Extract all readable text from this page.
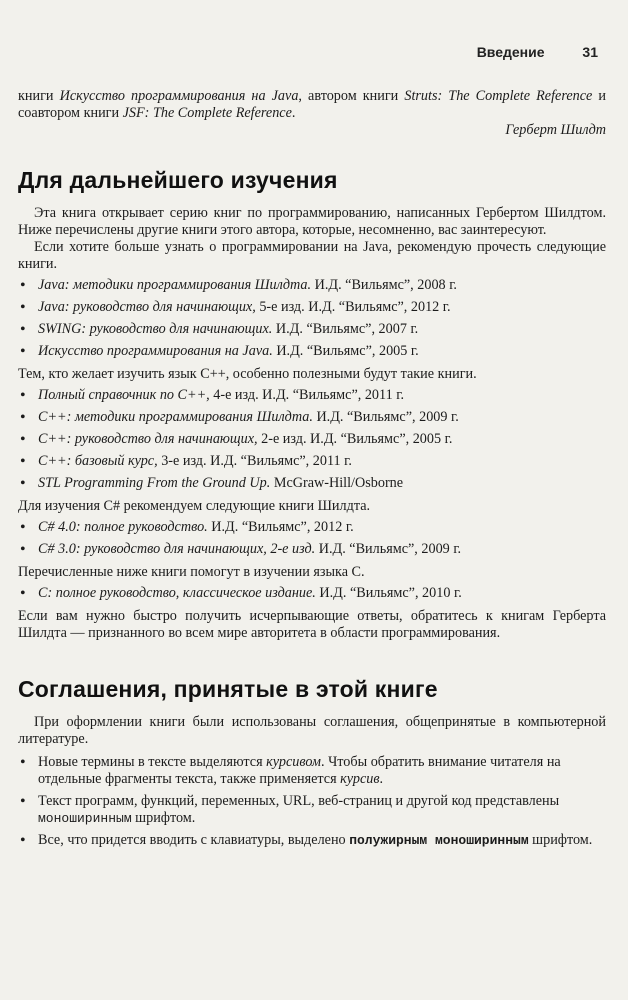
Введение	31

книги Искусство программирования на Java, автором книги Struts: The Complete Reference и соавтором книги JSF: The Complete Reference.

Герберт Шилдт

Для дальнейшего изучения

Эта книга открывает серию книг по программированию, написанных Гербертом Шилдтом. Ниже перечислены другие книги этого автора, которые, несомненно, вас заинтересуют.

Если хотите больше узнать о программировании на Java, рекомендую прочесть следующие книги.

• Java: методики программирования Шилдта. И.Д. “Вильямс”, 2008 г.
• Java: руководство для начинающих, 5-е изд. И.Д. “Вильямс”, 2012 г.
• SWING: руководство для начинающих. И.Д. “Вильямс”, 2007 г.
• Искусство программирования на Java. И.Д. “Вильямс”, 2005 г.

Тем, кто желает изучить язык C++, особенно полезными будут такие книги.

• Полный справочник по C++, 4-е изд. И.Д. “Вильямс”, 2011 г.
• C++: методики программирования Шилдта. И.Д. “Вильямс”, 2009 г.
• C++: руководство для начинающих, 2-е изд. И.Д. “Вильямс”, 2005 г.
• C++: базовый курс, 3-е изд. И.Д. “Вильямс”, 2011 г.
• STL Programming From the Ground Up. McGraw-Hill/Osborne

Для изучения C# рекомендуем следующие книги Шилдта.

• C# 4.0: полное руководство. И.Д. “Вильямс”, 2012 г.
• C# 3.0: руководство для начинающих, 2-е изд. И.Д. “Вильямс”, 2009 г.

Перечисленные ниже книги помогут в изучении языка C.

• C: полное руководство, классическое издание. И.Д. “Вильямс”, 2010 г.

Если вам нужно быстро получить исчерпывающие ответы, обратитесь к книгам Герберта Шилдта — признанного во всем мире авторитета в области программирования.

Соглашения, принятые в этой книге

При оформлении книги были использованы соглашения, общепринятые в компьютерной литературе.

• Новые термины в тексте выделяются курсивом. Чтобы обратить внимание читателя на отдельные фрагменты текста, также применяется курсив.
• Текст программ, функций, переменных, URL, веб-страниц и другой код представлены моноширинным шрифтом.
• Все, что придется вводить с клавиатуры, выделено полужирным моноширинным шрифтом.
